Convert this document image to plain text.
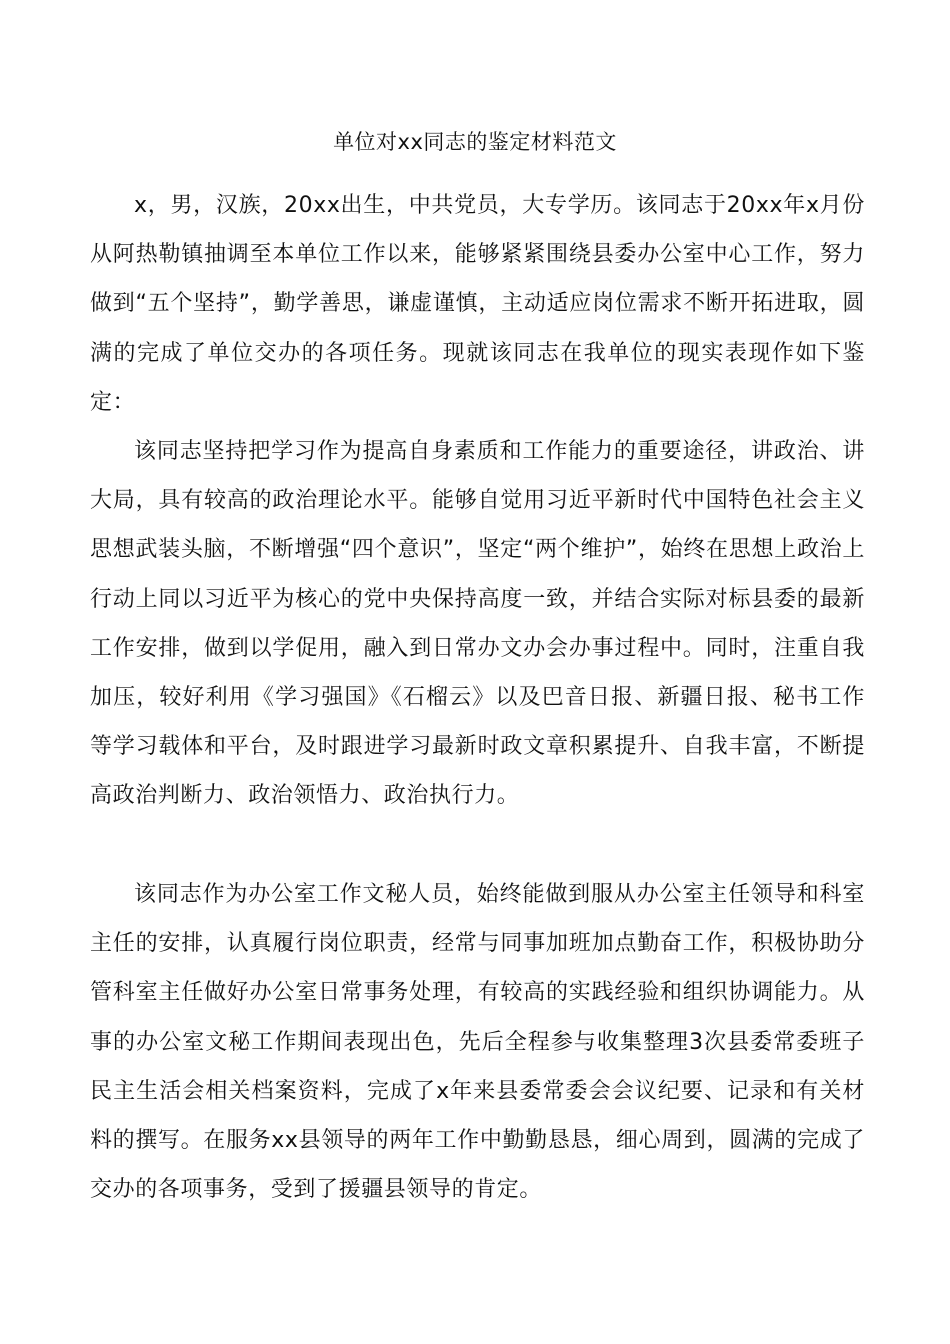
单位对xx同志的鉴定材料范文

x，男，汉族，20xx出生，中共党员，大专学历。该同志于20xx年x月份从阿热勒镇抽调至本单位工作以来，能够紧紧围绕县委办公室中心工作，努力做到“五个坚持”，勤学善思，谦虚谨慎，主动适应岗位需求不断开拓进取，圆满的完成了单位交办的各项任务。现就该同志在我单位的现实表现作如下鉴定：

该同志坚持把学习作为提高自身素质和工作能力的重要途径，讲政治、讲大局，具有较高的政治理论水平。能够自觉用习近平新时代中国特色社会主义思想武装头脑，不断增强“四个意识”，坚定“两个维护”，始终在思想上政治上行动上同以习近平为核心的党中央保持高度一致，并结合实际对标县委的最新工作安排，做到以学促用，融入到日常办文办会办事过程中。同时，注重自我加压，较好利用《学习强国》《石榴云》以及巴音日报、新疆日报、秘书工作等学习载体和平台，及时跟进学习最新时政文章积累提升、自我丰富，不断提高政治判断力、政治领悟力、政治执行力。

该同志作为办公室工作文秘人员，始终能做到服从办公室主任领导和科室主任的安排，认真履行岗位职责，经常与同事加班加点勤奋工作，积极协助分管科室主任做好办公室日常事务处理，有较高的实践经验和组织协调能力。从事的办公室文秘工作期间表现出色，先后全程参与收集整理3次县委常委班子民主生活会相关档案资料，完成了x年来县委常委会会议纪要、记录和有关材料的撰写。在服务xx县领导的两年工作中勤勤恳恳，细心周到，圆满的完成了交办的各项事务，受到了援疆县领导的肯定。
